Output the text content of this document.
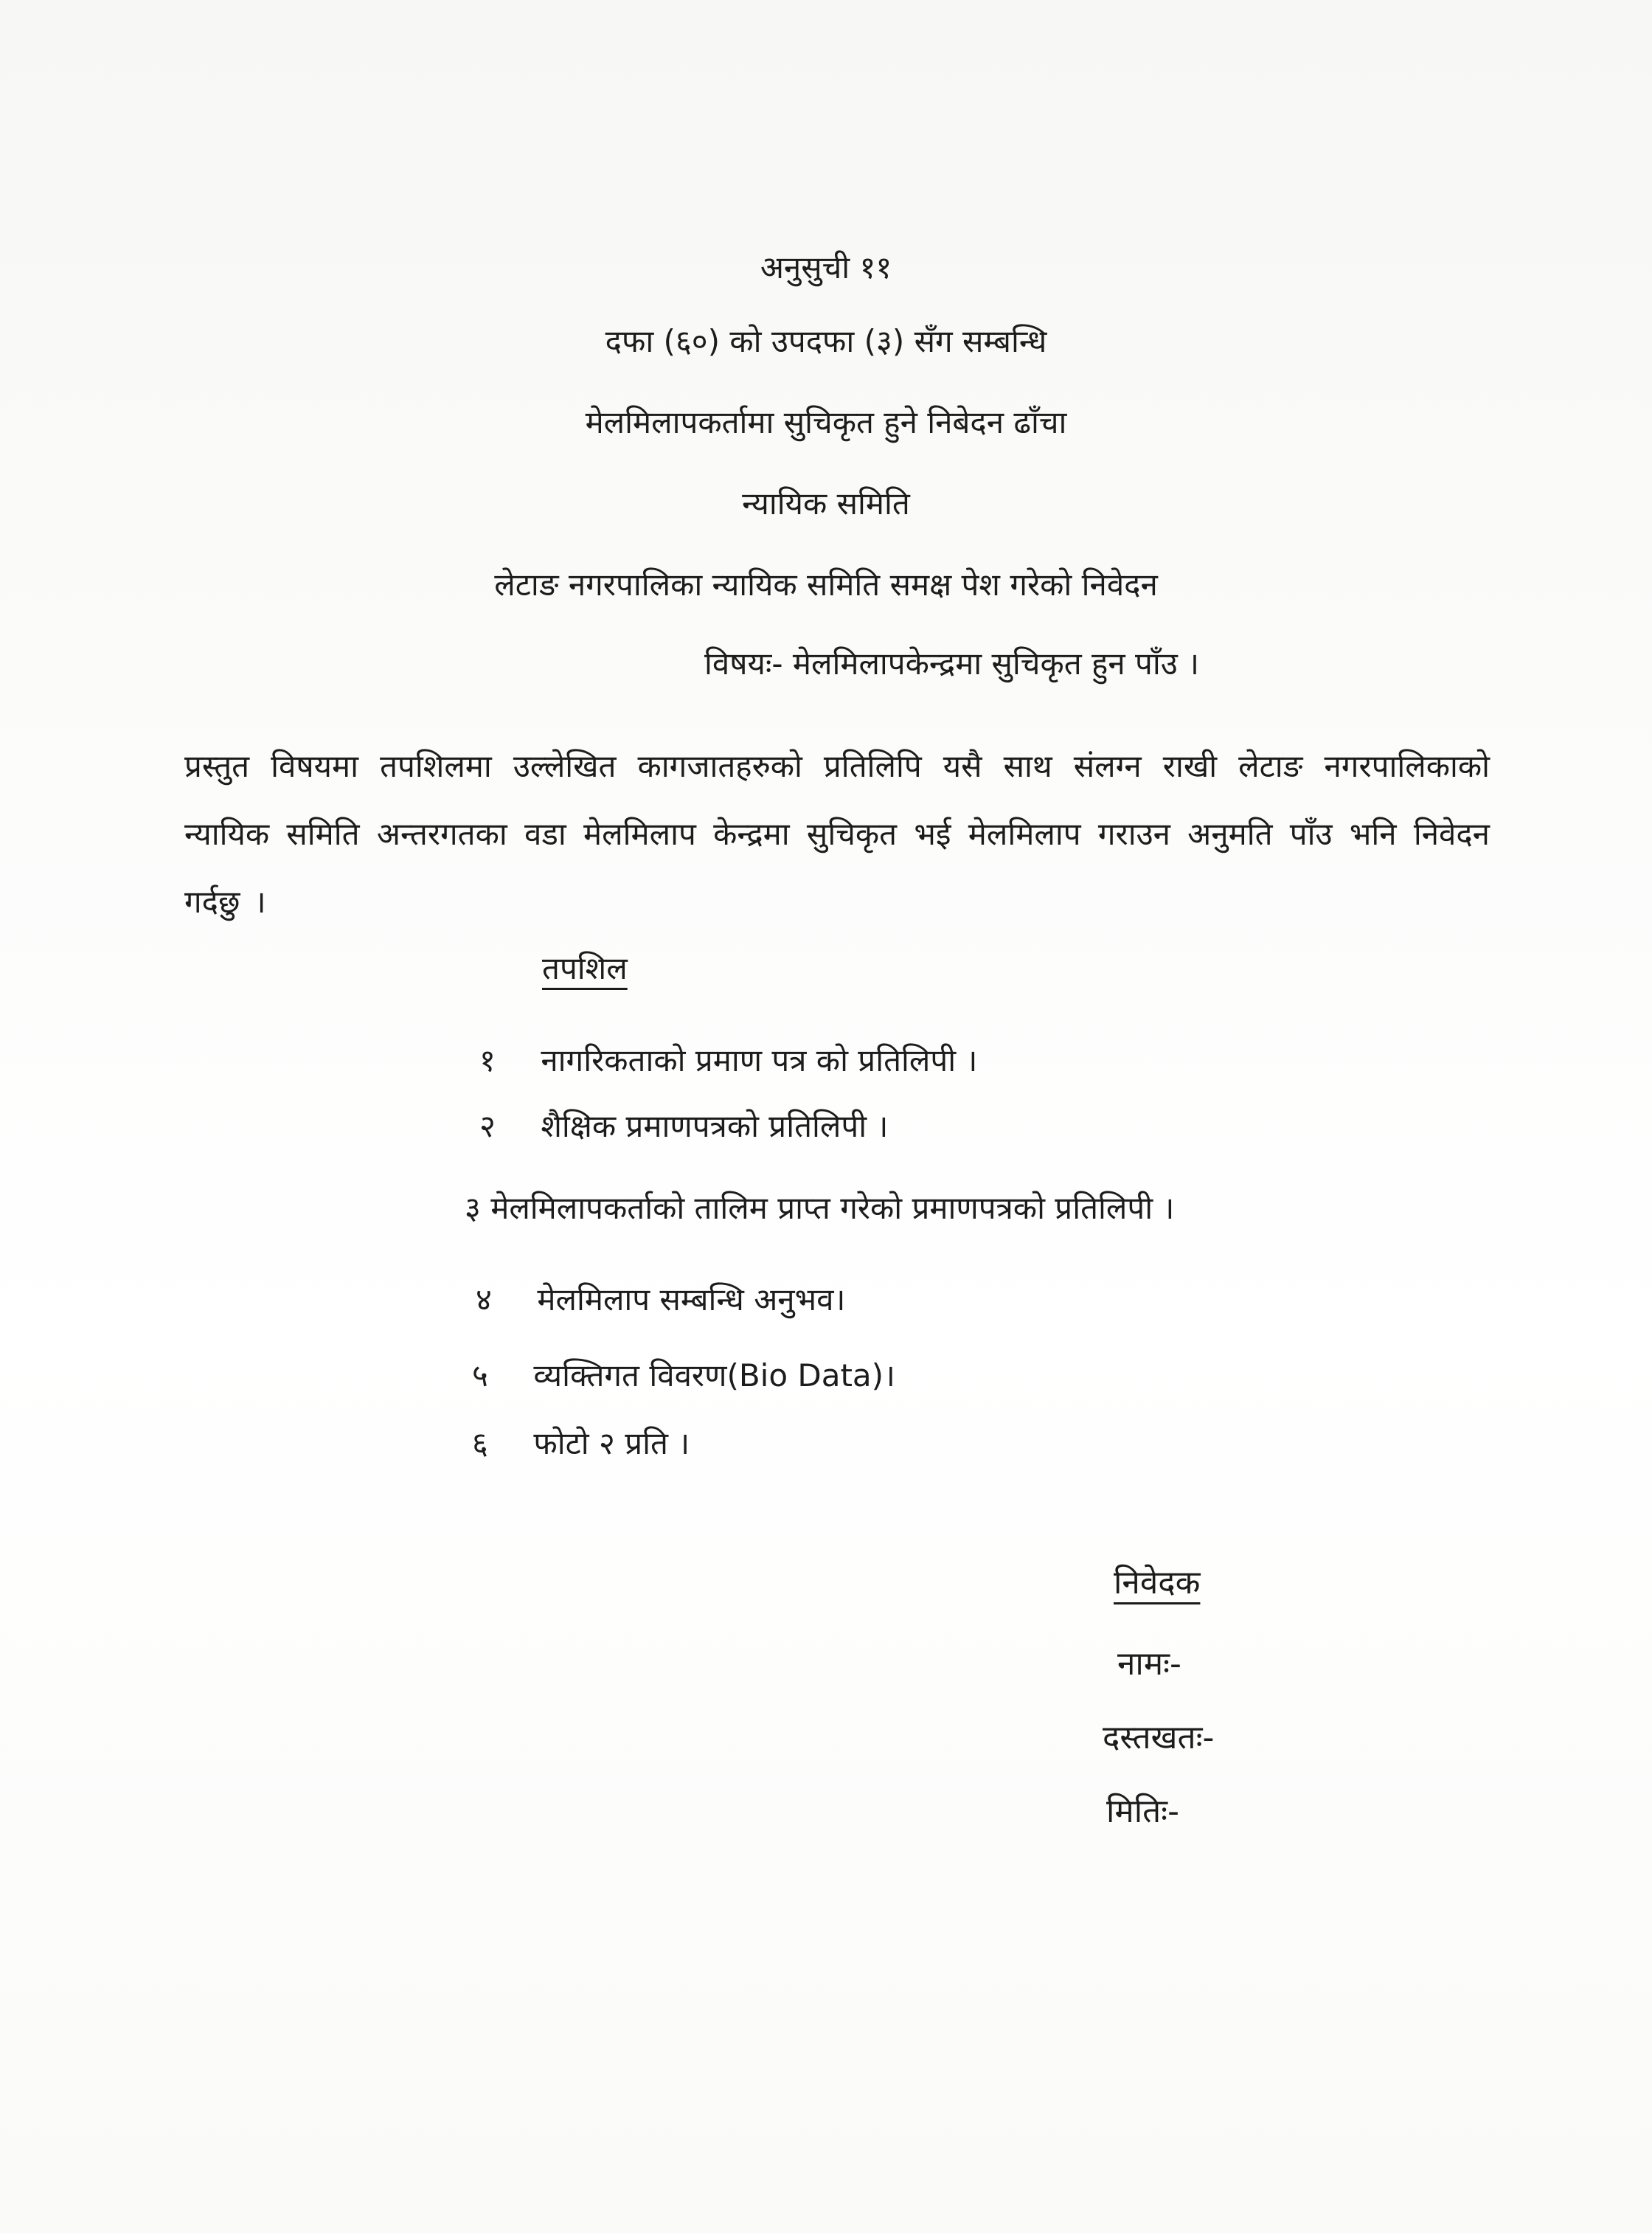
अनुसुची ११
दफा (६०) को उपदफा (३) सँग सम्बन्धि
मेलमिलापकर्तामा सुचिकृत हुने निबेदन ढाँचा
न्यायिक समिति
लेटाङ नगरपालिका न्यायिक समिति समक्ष पेश गरेको निवेदन
विषयः- मेलमिलापकेन्द्रमा सुचिकृत हुन पाँउ ।
प्रस्तुत विषयमा तपशिलमा उल्लेखित कागजातहरुको प्रतिलिपि यसै साथ संलग्न राखी लेटाङ नगरपालिकाको न्यायिक समिति अन्तरगतका वडा मेलमिलाप केन्द्रमा सुचिकृत भई मेलमिलाप गराउन अनुमति पाँउ भनि निवेदन गर्दछु ।
तपशिल
१ नागरिकताको प्रमाण पत्र को प्रतिलिपी ।
२ शैक्षिक प्रमाणपत्रको प्रतिलिपी ।
३ मेलमिलापकर्ताको तालिम प्राप्त गरेको प्रमाणपत्रको प्रतिलिपी ।
४ मेलमिलाप सम्बन्धि अनुभव।
५ व्यक्तिगत विवरण(Bio Data)।
६ फोटो २ प्रति ।
निवेदक
नामः-
दस्तखतः-
मितिः-
